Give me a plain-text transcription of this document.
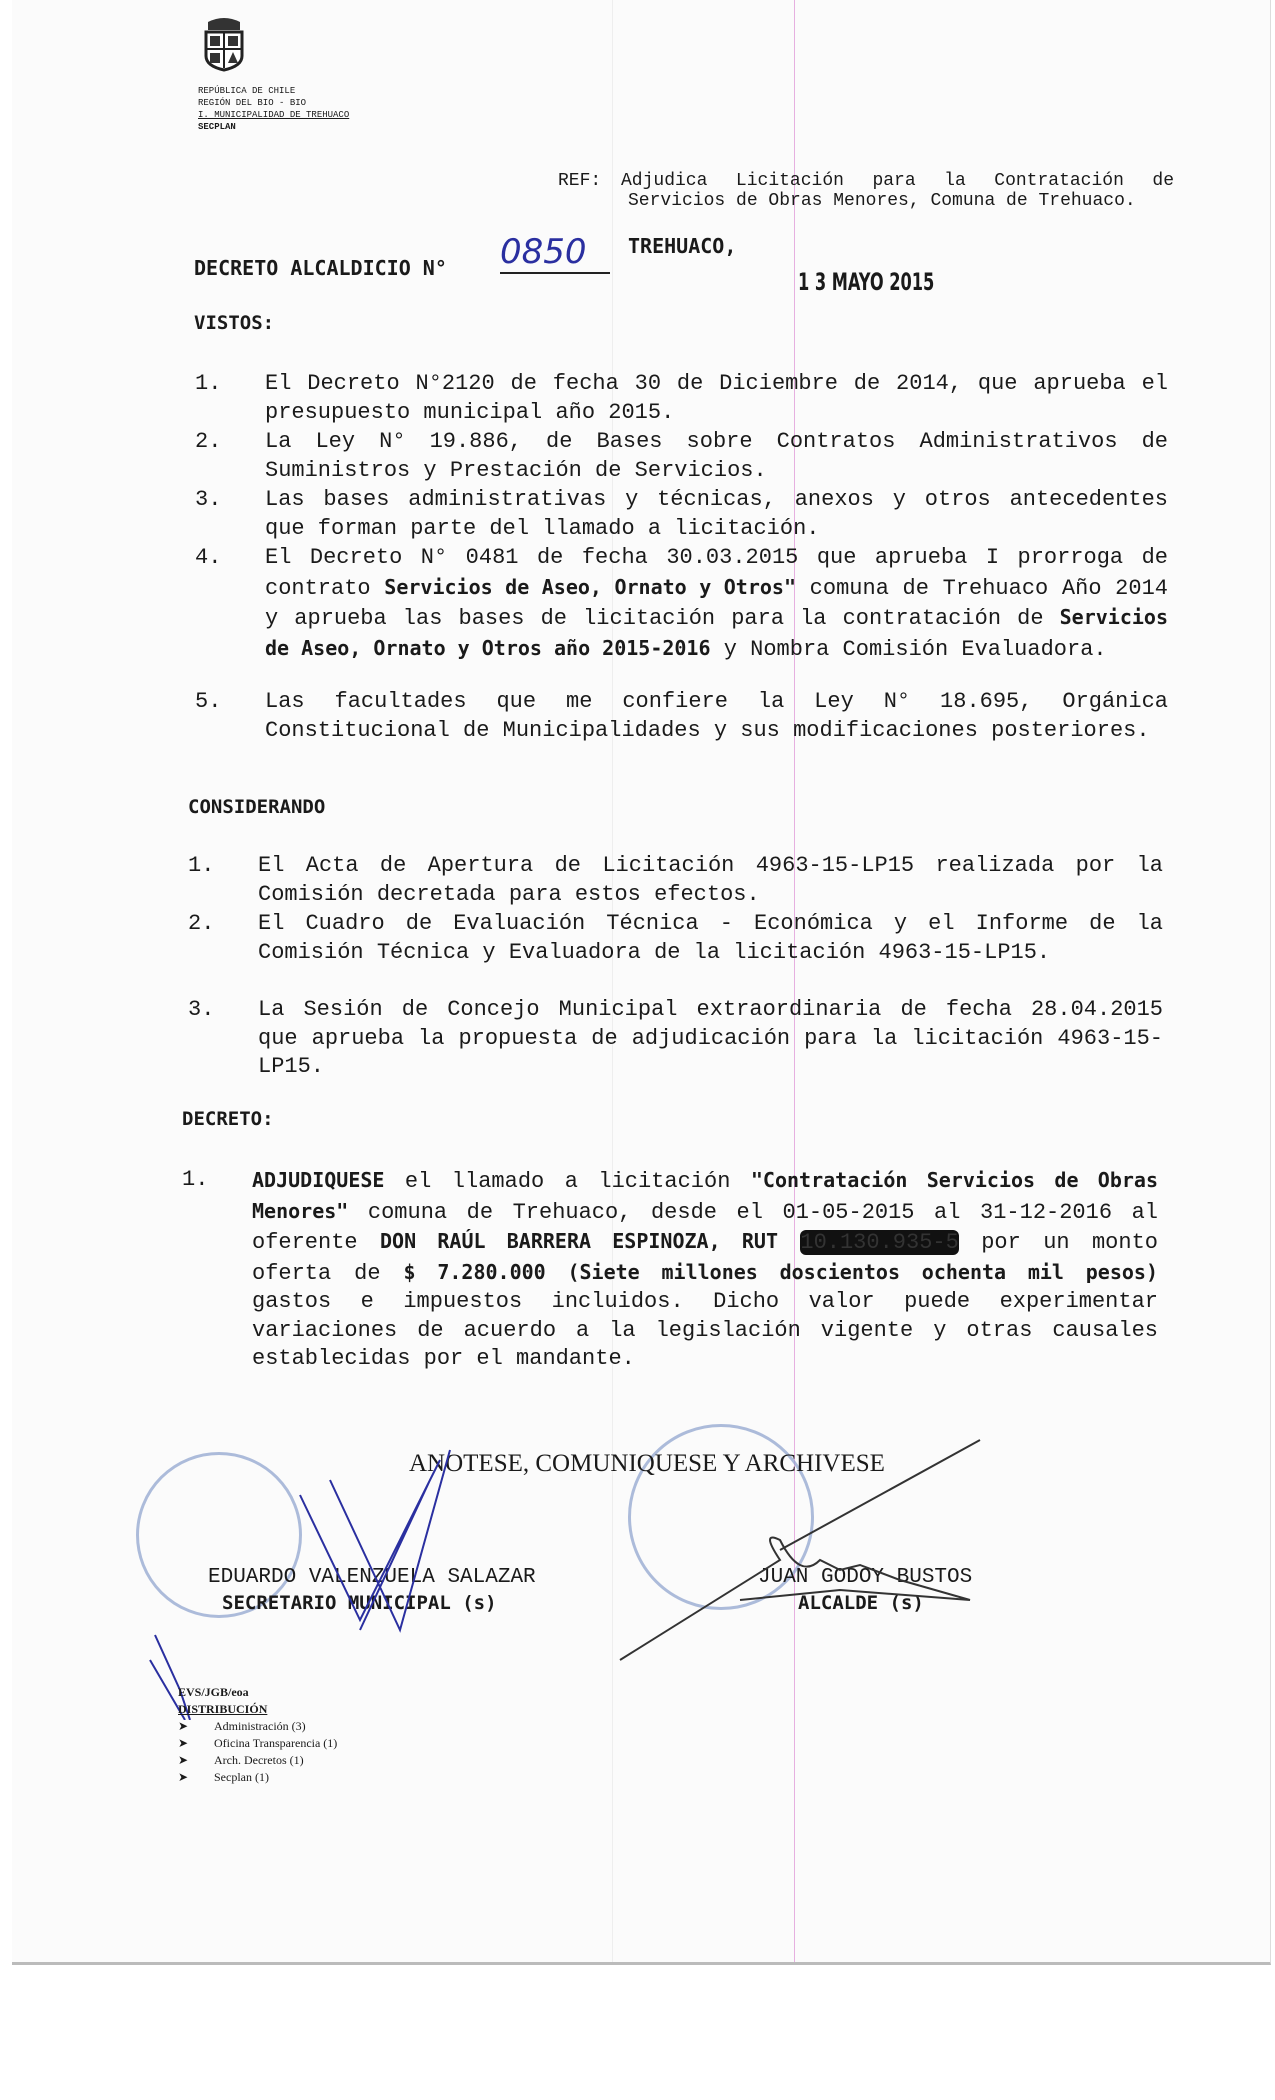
REPÚBLICA DE CHILE
REGIÓN DEL BIO - BIO
I. MUNICIPALIDAD DE TREHUACO
SECPLAN
REF: Adjudica Licitación para la Contratación de
Servicios de Obras Menores, Comuna de Trehuaco.
DECRETO ALCALDICIO N° 0850	TREHUACO,
1 3 MAYO 2015
VISTOS:
1. El Decreto N°2120 de fecha 30 de Diciembre de 2014, que aprueba el presupuesto municipal año 2015.
2. La Ley N° 19.886, de Bases sobre Contratos Administrativos de Suministros y Prestación de Servicios.
3. Las bases administrativas y técnicas, anexos y otros antecedentes que forman parte del llamado a licitación.
4. El Decreto N° 0481 de fecha 30.03.2015 que aprueba I prorroga de contrato Servicios de Aseo, Ornato y Otros" comuna de Trehuaco Año 2014 y aprueba las bases de licitación para la contratación de Servicios de Aseo, Ornato y Otros año 2015-2016 y Nombra Comisión Evaluadora.
5. Las facultades que me confiere la Ley N° 18.695, Orgánica Constitucional de Municipalidades y sus modificaciones posteriores.
CONSIDERANDO
1. El Acta de Apertura de Licitación 4963-15-LP15 realizada por la Comisión decretada para estos efectos.
2. El Cuadro de Evaluación Técnica - Económica y el Informe de la Comisión Técnica y Evaluadora de la licitación 4963-15-LP15.
3. La Sesión de Concejo Municipal extraordinaria de fecha 28.04.2015 que aprueba la propuesta de adjudicación para la licitación 4963-15-LP15.
DECRETO:
1. ADJUDIQUESE el llamado a licitación "Contratación Servicios de Obras Menores" comuna de Trehuaco, desde el 01-05-2015 al 31-12-2016 al oferente DON RAÚL BARRERA ESPINOZA, RUT 10.130.935-5 por un monto oferta de $ 7.280.000 (Siete millones doscientos ochenta mil pesos) gastos e impuestos incluidos. Dicho valor puede experimentar variaciones de acuerdo a la legislación vigente y otras causales establecidas por el mandante.
ANOTESE, COMUNIQUESE Y ARCHIVESE
EDUARDO VALENZUELA SALAZAR
SECRETARIO MUNICIPAL (s)
JUAN GODOY BUSTOS
ALCALDE (s)
EVS/JGB/eoa
DISTRIBUCIÓN
➤ Administración (3)
➤ Oficina Transparencia (1)
➤ Arch. Decretos (1)
➤ Secplan (1)
